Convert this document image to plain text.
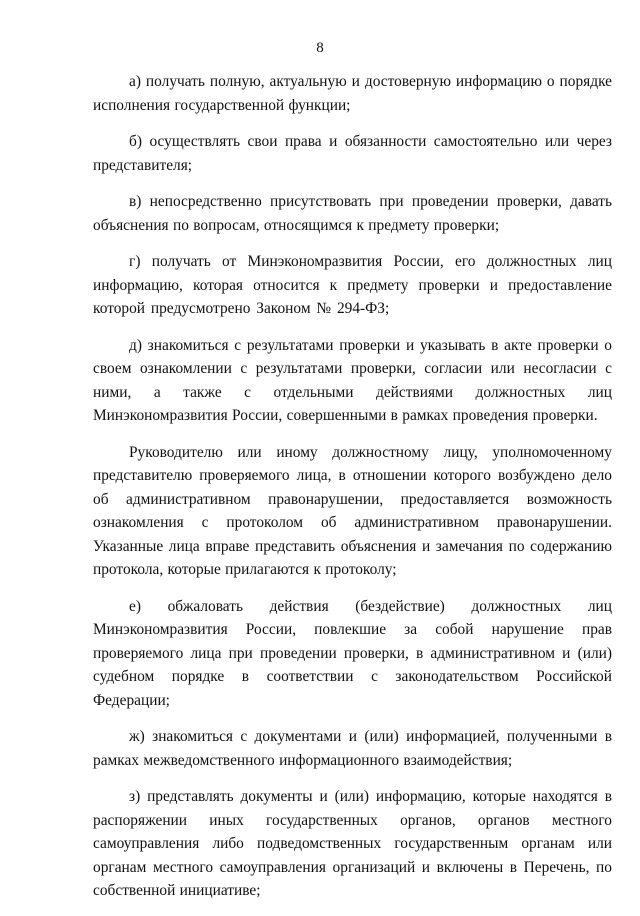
8

а) получать полную, актуальную и достоверную информацию о порядке исполнения государственной функции;

б) осуществлять свои права и обязанности самостоятельно или через представителя;

в) непосредственно присутствовать при проведении проверки, давать объяснения по вопросам, относящимся к предмету проверки;

г) получать от Минэкономразвития России, его должностных лиц информацию, которая относится к предмету проверки и предоставление которой предусмотрено Законом № 294-ФЗ;

д) знакомиться с результатами проверки и указывать в акте проверки о своем ознакомлении с результатами проверки, согласии или несогласии с ними, а также с отдельными действиями должностных лиц Минэкономразвития России, совершенными в рамках проведения проверки.

Руководителю или иному должностному лицу, уполномоченному представителю проверяемого лица, в отношении которого возбуждено дело об административном правонарушении, предоставляется возможность ознакомления с протоколом об административном правонарушении. Указанные лица вправе представить объяснения и замечания по содержанию протокола, которые прилагаются к протоколу;

е) обжаловать действия (бездействие) должностных лиц Минэкономразвития России, повлекшие за собой нарушение прав проверяемого лица при проведении проверки, в административном и (или) судебном порядке в соответствии с законодательством Российской Федерации;

ж) знакомиться с документами и (или) информацией, полученными в рамках межведомственного информационного взаимодействия;

з) представлять документы и (или) информацию, которые находятся в распоряжении иных государственных органов, органов местного самоуправления либо подведомственных государственным органам или органам местного самоуправления организаций и включены в Перечень, по собственной инициативе;
